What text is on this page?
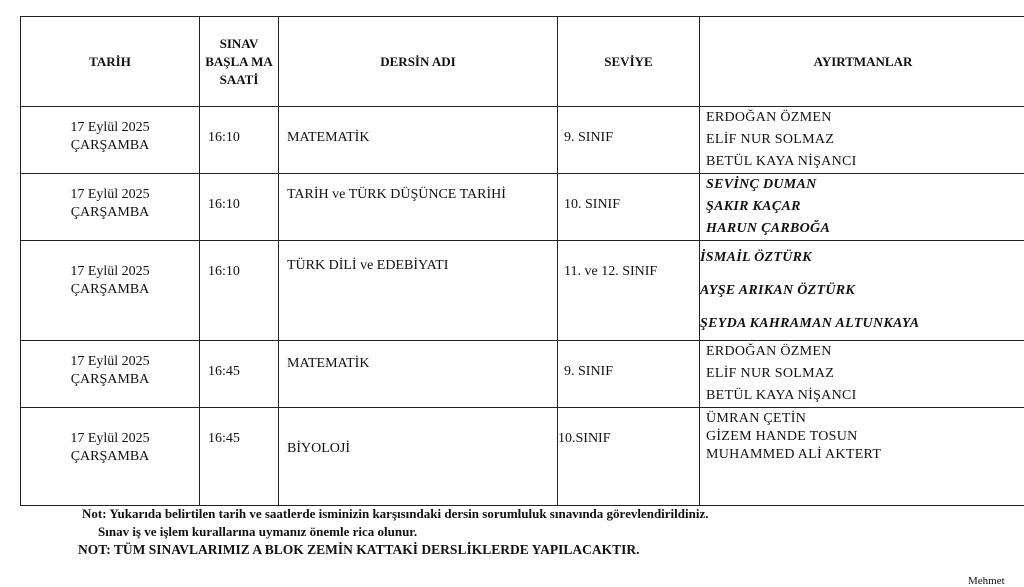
TARİH	SINAV BAŞLA MA SAATİ	DERSİN ADI	SEVİYE	AYIRTMANLAR

17 Eylül 2025
ÇARŞAMBA	16:10	MATEMATİK	9. SINIF	ERDOĞAN ÖZMEN
ELİF NUR SOLMAZ
BETÜL KAYA NİŞANCI

17 Eylül 2025
ÇARŞAMBA	16:10	TARİH ve TÜRK DÜŞÜNCE TARİHİ	10. SINIF	SEVİNÇ DUMAN
ŞAKIR KAÇAR
HARUN ÇARBOĞA

17 Eylül 2025
ÇARŞAMBA	16:10	TÜRK DİLİ ve EDEBİYATI	11. ve 12. SINIF	İSMAİL ÖZTÜRK
AYŞE ARIKAN ÖZTÜRK
ŞEYDA KAHRAMAN ALTUNKAYA

17 Eylül 2025
ÇARŞAMBA	16:45	MATEMATİK	9. SINIF	ERDOĞAN ÖZMEN
ELİF NUR SOLMAZ
BETÜL KAYA NİŞANCI

17 Eylül 2025
ÇARŞAMBA	16:45	BİYOLOJİ	10.SINIF	ÜMRAN ÇETİN
GİZEM HANDE TOSUN
MUHAMMED ALİ AKTERT
Not: Yukarıda belirtilen tarih ve saatlerde isminizin karşısındaki dersin sorumluluk sınavında görevlendirildiniz.
Sınav iş ve işlem kurallarına uymanız önemle rica olunur.
NOT: TÜM SINAVLARIMIZ A BLOK ZEMİN KATTAKİ DERSLİKLERDE YAPILACAKTIR.
Mehmet
